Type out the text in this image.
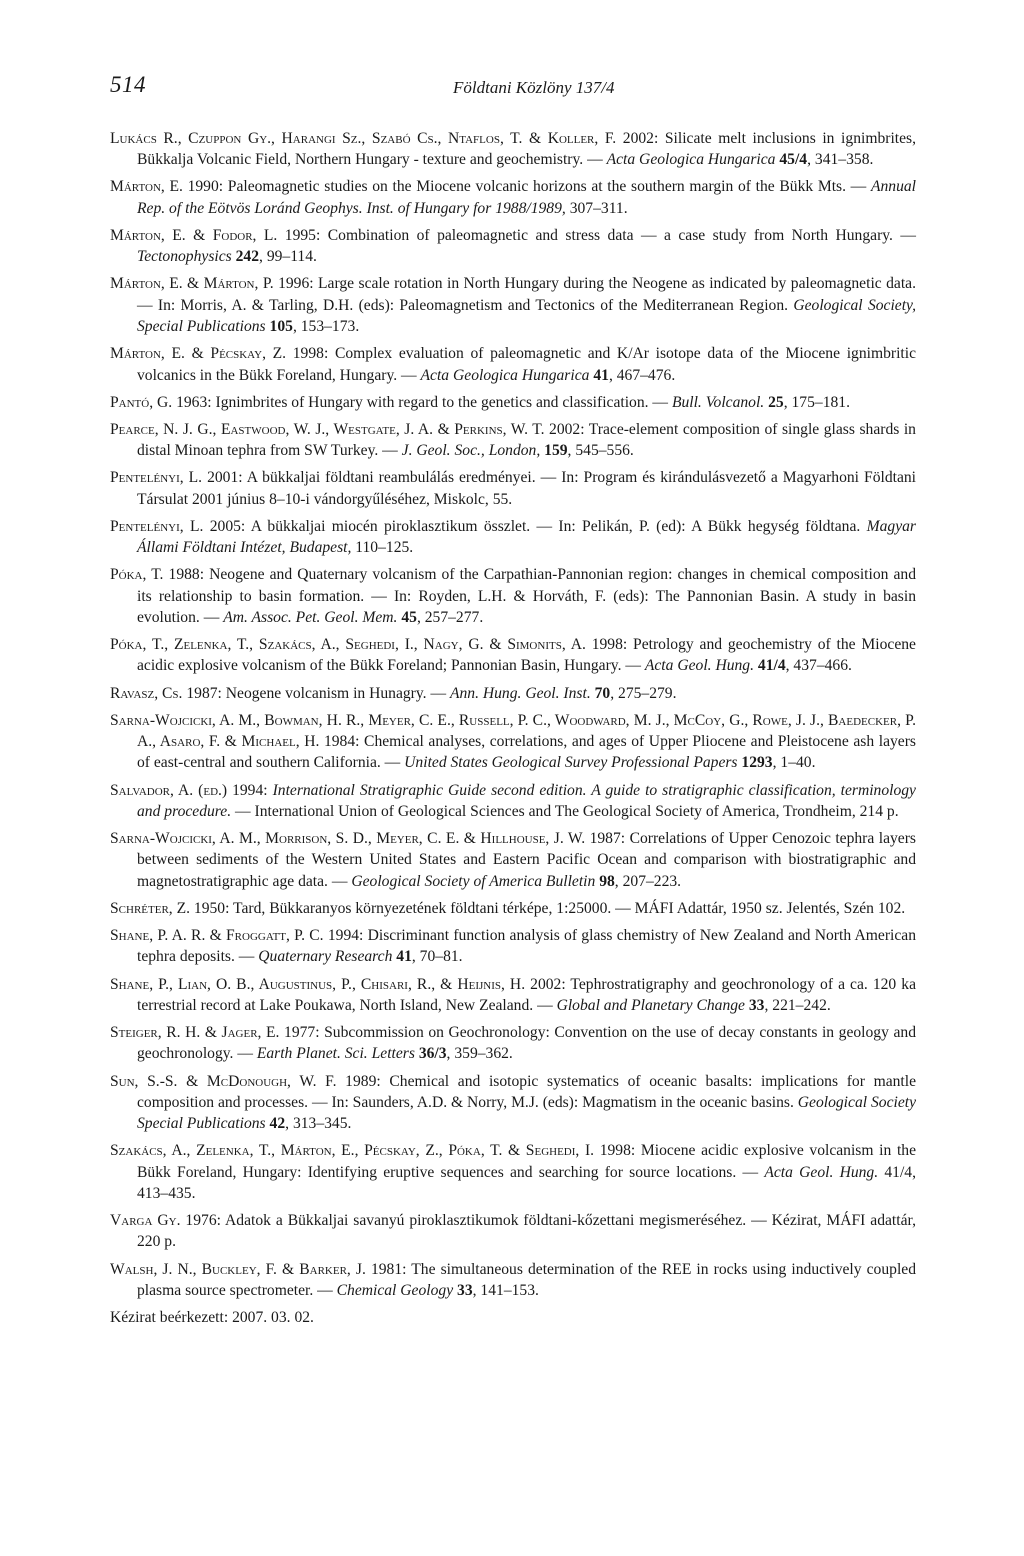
514	Földtani Közlöny 137/4

Lukács R., Czuppon Gy., Harangi Sz., Szabó Cs., Ntaflos, T. & Koller, F. 2002: Silicate melt inclusions in ignimbrites, Bükkalja Volcanic Field, Northern Hungary - texture and geochemistry. — Acta Geologica Hungarica 45/4, 341–358.

Márton, E. 1990: Paleomagnetic studies on the Miocene volcanic horizons at the southern margin of the Bükk Mts. — Annual Rep. of the Eötvös Loránd Geophys. Inst. of Hungary for 1988/1989, 307–311.

Márton, E. & Fodor, L. 1995: Combination of paleomagnetic and stress data — a case study from North Hungary. — Tectonophysics 242, 99–114.

Márton, E. & Márton, P. 1996: Large scale rotation in North Hungary during the Neogene as indicated by paleomagnetic data. — In: Morris, A. & Tarling, D.H. (eds): Paleomagnetism and Tectonics of the Mediterranean Region. Geological Society, Special Publications 105, 153–173.

Márton, E. & Pécskay, Z. 1998: Complex evaluation of paleomagnetic and K/Ar isotope data of the Miocene ignimbritic volcanics in the Bükk Foreland, Hungary. — Acta Geologica Hungarica 41, 467–476.

Pantó, G. 1963: Ignimbrites of Hungary with regard to the genetics and classification. — Bull. Volcanol. 25, 175–181.

Pearce, N. J. G., Eastwood, W. J., Westgate, J. A. & Perkins, W. T. 2002: Trace-element composition of single glass shards in distal Minoan tephra from SW Turkey. — J. Geol. Soc., London, 159, 545–556.

Pentelényi, L. 2001: A bükkaljai földtani reambulálás eredményei. — In: Program és kirándulásvezető a Magyarhoni Földtani Társulat 2001 június 8–10-i vándorgyűléséhez, Miskolc, 55.

Pentelényi, L. 2005: A bükkaljai miocén piroklasztikum összlet. — In: Pelikán, P. (ed): A Bükk hegység földtana. Magyar Állami Földtani Intézet, Budapest, 110–125.

Póka, T. 1988: Neogene and Quaternary volcanism of the Carpathian-Pannonian region: changes in chemical composition and its relationship to basin formation. — In: Royden, L.H. & Horváth, F. (eds): The Pannonian Basin. A study in basin evolution. — Am. Assoc. Pet. Geol. Mem. 45, 257–277.

Póka, T., Zelenka, T., Szakács, A., Seghedi, I., Nagy, G. & Simonits, A. 1998: Petrology and geochemistry of the Miocene acidic explosive volcanism of the Bükk Foreland; Pannonian Basin, Hungary. — Acta Geol. Hung. 41/4, 437–466.

Ravasz, Cs. 1987: Neogene volcanism in Hunagry. — Ann. Hung. Geol. Inst. 70, 275–279.

Sarna-Wojcicki, A. M., Bowman, H. R., Meyer, C. E., Russell, P. C., Woodward, M. J., McCoy, G., Rowe, J. J., Baedecker, P. A., Asaro, F. & Michael, H. 1984: Chemical analyses, correlations, and ages of Upper Pliocene and Pleistocene ash layers of east-central and southern California. — United States Geological Survey Professional Papers 1293, 1–40.

Salvador, A. (ed.) 1994: International Stratigraphic Guide second edition. A guide to stratigraphic classification, terminology and procedure. — International Union of Geological Sciences and The Geological Society of America, Trondheim, 214 p.

Sarna-Wojcicki, A. M., Morrison, S. D., Meyer, C. E. & Hillhouse, J. W. 1987: Correlations of Upper Cenozoic tephra layers between sediments of the Western United States and Eastern Pacific Ocean and comparison with biostratigraphic and magnetostratigraphic age data. — Geological Society of America Bulletin 98, 207–223.

Schréter, Z. 1950: Tard, Bükkaranyos környezetének földtani térképe, 1:25000. — MÁFI Adattár, 1950 sz. Jelentés, Szén 102.

Shane, P. A. R. & Froggatt, P. C. 1994: Discriminant function analysis of glass chemistry of New Zealand and North American tephra deposits. — Quaternary Research 41, 70–81.

Shane, P., Lian, O. B., Augustinus, P., Chisari, R., & Heijnis, H. 2002: Tephrostratigraphy and geochronology of a ca. 120 ka terrestrial record at Lake Poukawa, North Island, New Zealand. — Global and Planetary Change 33, 221–242.

Steiger, R. H. & Jager, E. 1977: Subcommission on Geochronology: Convention on the use of decay constants in geology and geochronology. — Earth Planet. Sci. Letters 36/3, 359–362.

Sun, S.-S. & McDonough, W. F. 1989: Chemical and isotopic systematics of oceanic basalts: implications for mantle composition and processes. — In: Saunders, A.D. & Norry, M.J. (eds): Magmatism in the oceanic basins. Geological Society Special Publications 42, 313–345.

Szakács, A., Zelenka, T., Márton, E., Pécskay, Z., Póka, T. & Seghedi, I. 1998: Miocene acidic explosive volcanism in the Bükk Foreland, Hungary: Identifying eruptive sequences and searching for source locations. — Acta Geol. Hung. 41/4, 413–435.

Varga Gy. 1976: Adatok a Bükkaljai savanyú piroklasztikumok földtani-kőzettani megismeréséhez. — Kézirat, MÁFI adattár, 220 p.

Walsh, J. N., Buckley, F. & Barker, J. 1981: The simultaneous determination of the REE in rocks using inductively coupled plasma source spectrometer. — Chemical Geology 33, 141–153.

Kézirat beérkezett: 2007. 03. 02.
